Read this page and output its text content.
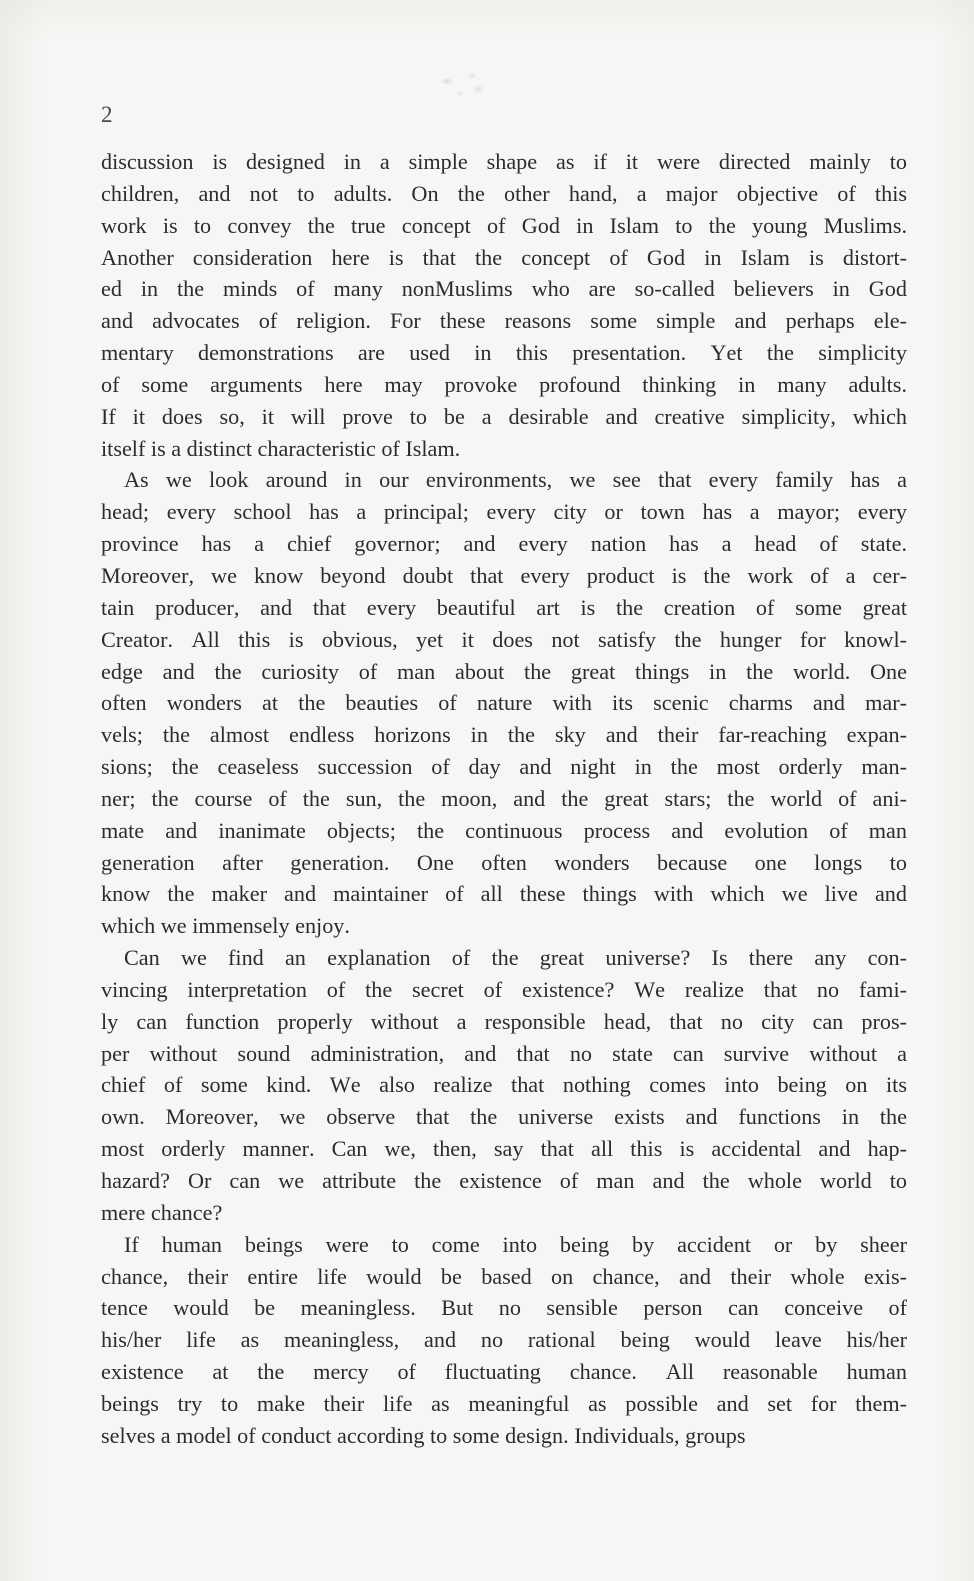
2

discussion is designed in a simple shape as if it were directed mainly to
children, and not to adults. On the other hand, a major objective of this
work is to convey the true concept of God in Islam to the young Muslims.
Another consideration here is that the concept of God in Islam is distort-
ed in the minds of many nonMuslims who are so-called believers in God
and advocates of religion. For these reasons some simple and perhaps ele-
mentary demonstrations are used in this presentation. Yet the simplicity
of some arguments here may provoke profound thinking in many adults.
If it does so, it will prove to be a desirable and creative simplicity, which
itself is a distinct characteristic of Islam.

As we look around in our environments, we see that every family has a
head; every school has a principal; every city or town has a mayor; every
province has a chief governor; and every nation has a head of state.
Moreover, we know beyond doubt that every product is the work of a cer-
tain producer, and that every beautiful art is the creation of some great
Creator. All this is obvious, yet it does not satisfy the hunger for knowl-
edge and the curiosity of man about the great things in the world. One
often wonders at the beauties of nature with its scenic charms and mar-
vels; the almost endless horizons in the sky and their far-reaching expan-
sions; the ceaseless succession of day and night in the most orderly man-
ner; the course of the sun, the moon, and the great stars; the world of ani-
mate and inanimate objects; the continuous process and evolution of man
generation after generation. One often wonders because one longs to
know the maker and maintainer of all these things with which we live and
which we immensely enjoy.

Can we find an explanation of the great universe? Is there any con-
vincing interpretation of the secret of existence? We realize that no fami-
ly can function properly without a responsible head, that no city can pros-
per without sound administration, and that no state can survive without a
chief of some kind. We also realize that nothing comes into being on its
own. Moreover, we observe that the universe exists and functions in the
most orderly manner. Can we, then, say that all this is accidental and hap-
hazard? Or can we attribute the existence of man and the whole world to
mere chance?

If human beings were to come into being by accident or by sheer
chance, their entire life would be based on chance, and their whole exis-
tence would be meaningless. But no sensible person can conceive of
his/her life as meaningless, and no rational being would leave his/her
existence at the mercy of fluctuating chance. All reasonable human
beings try to make their life as meaningful as possible and set for them-
selves a model of conduct according to some design. Individuals, groups
